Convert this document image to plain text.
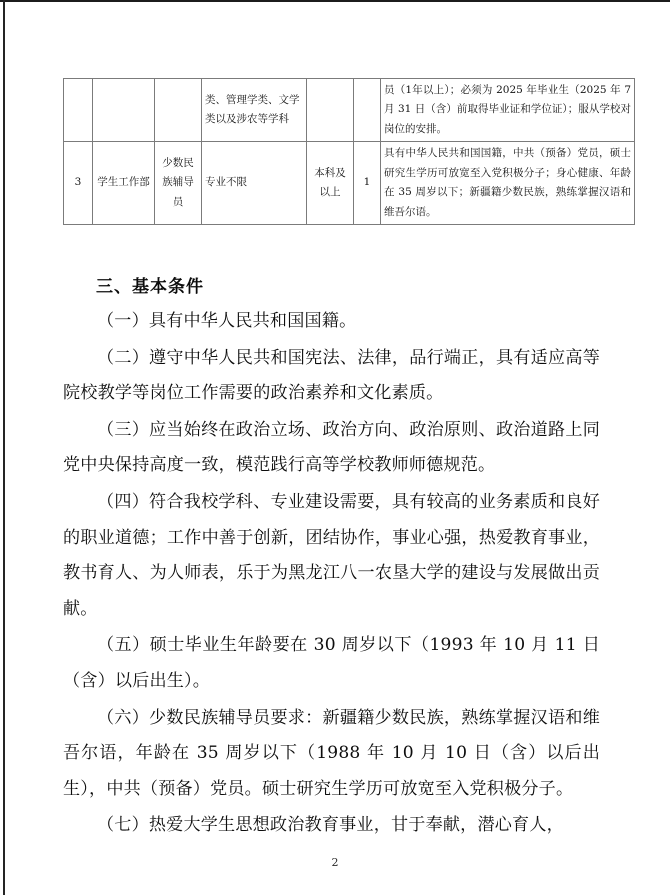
			类、管理学类、文学类以及涉农等学科			员（1年以上）；必须为 2025 年毕业生（2025 年 7 月 31 日（含）前取得毕业证和学位证）；服从学校对岗位的安排。

3	学生工作部	少数民族辅导员	专业不限	本科及以上	1	具有中华人民共和国国籍，中共（预备）党员，硕士研究生学历可放宽至入党积极分子；身心健康、年龄在 35 周岁以下；新疆籍少数民族，熟练掌握汉语和维吾尔语。
三、基本条件

（一）具有中华人民共和国国籍。

（二）遵守中华人民共和国宪法、法律，品行端正，具有适应高等院校教学等岗位工作需要的政治素养和文化素质。

（三）应当始终在政治立场、政治方向、政治原则、政治道路上同党中央保持高度一致，模范践行高等学校教师师德规范。

（四）符合我校学科、专业建设需要，具有较高的业务素质和良好的职业道德；工作中善于创新，团结协作，事业心强，热爱教育事业，教书育人、为人师表，乐于为黑龙江八一农垦大学的建设与发展做出贡献。

（五）硕士毕业生年龄要在 30 周岁以下（1993 年 10 月 11 日（含）以后出生）。

（六）少数民族辅导员要求：新疆籍少数民族，熟练掌握汉语和维吾尔语，年龄在 35 周岁以下（1988 年 10 月 10 日（含）以后出生），中共（预备）党员。硕士研究生学历可放宽至入党积极分子。

（七）热爱大学生思想政治教育事业，甘于奉献，潜心育人，

2
